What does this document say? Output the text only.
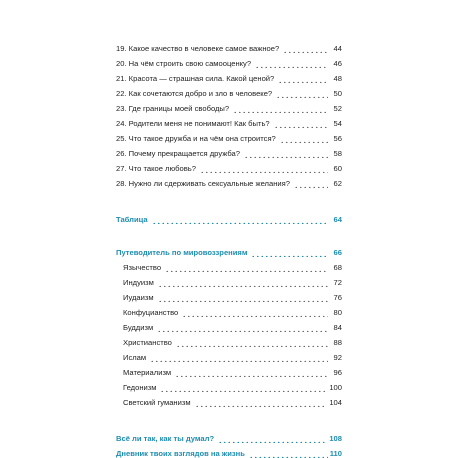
19. Какое качество в человеке самое важное?	44
20. На чём строить свою самооценку?	46
21. Красота — страшная сила. Какой ценой?	48
22. Как сочетаются добро и зло в человеке?	50
23. Где границы моей свободы?	52
24. Родители меня не понимают! Как быть?	54
25. Что такое дружба и на чём она строится?	56
26. Почему прекращается дружба?	58
27. Что такое любовь?	60
28. Нужно ли сдерживать сексуальные желания?	62
Таблица	64
Путеводитель по мировоззрениям	66
Язычество	68
Индуизм	72
Иудаизм	76
Конфуцианство	80
Буддизм	84
Христианство	88
Ислам	92
Материализм	96
Гедонизм	100
Светский гуманизм	104
Всё ли так, как ты думал?	108
Дневник твоих взглядов на жизнь	110
